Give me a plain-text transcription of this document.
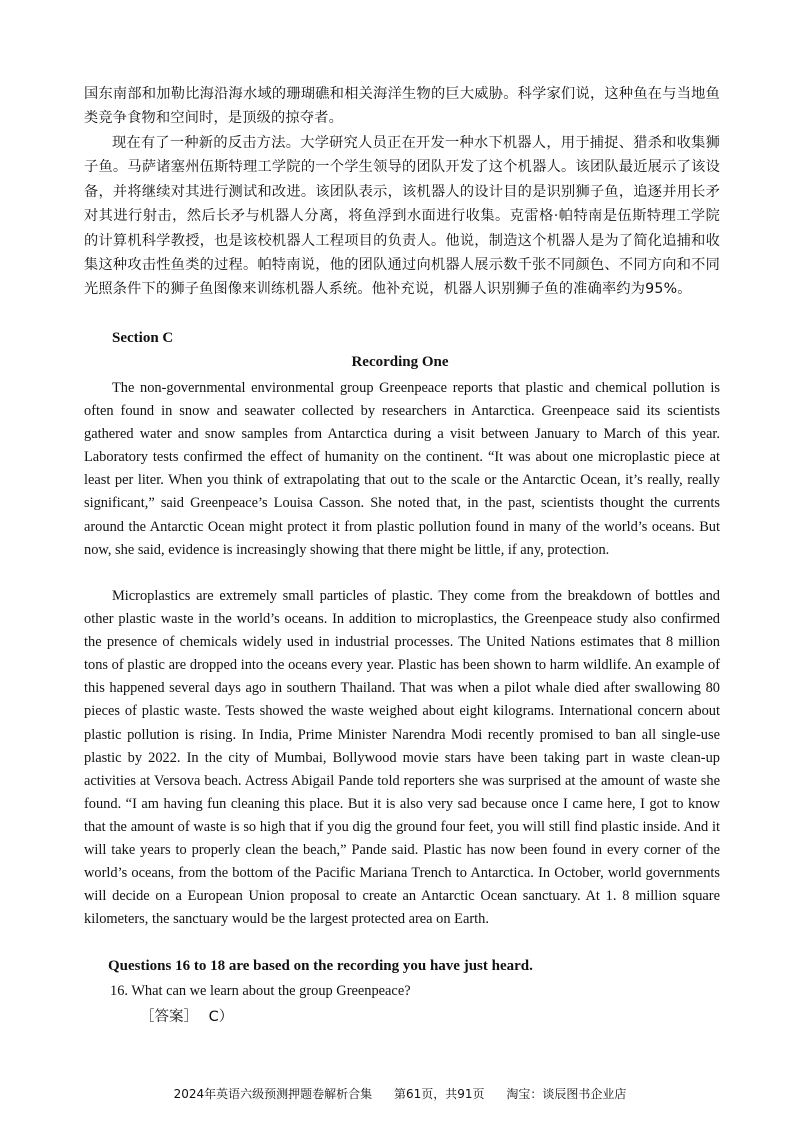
国东南部和加勒比海沿海水域的珊瑚礁和相关海洋生物的巨大威胁。科学家们说，这种鱼在与当地鱼类竞争食物和空间时，是顶级的掠夺者。

现在有了一种新的反击方法。大学研究人员正在开发一种水下机器人，用于捕捉、猎杀和收集狮子鱼。马萨诸塞州伍斯特理工学院的一个学生领导的团队开发了这个机器人。该团队最近展示了该设备，并将继续对其进行测试和改进。该团队表示，该机器人的设计目的是识别狮子鱼，追逐并用长矛对其进行射击，然后长矛与机器人分离，将鱼浮到水面进行收集。克雷格·帕特南是伍斯特理工学院的计算机科学教授，也是该校机器人工程项目的负责人。他说，制造这个机器人是为了简化追捕和收集这种攻击性鱼类的过程。帕特南说，他的团队通过向机器人展示数千张不同颜色、不同方向和不同光照条件下的狮子鱼图像来训练机器人系统。他补充说，机器人识别狮子鱼的准确率约为95%。

Section C
Recording One

The non-governmental environmental group Greenpeace reports that plastic and chemical pollution is often found in snow and seawater collected by researchers in Antarctica. Greenpeace said its scientists gathered water and snow samples from Antarctica during a visit between January to March of this year. Laboratory tests confirmed the effect of humanity on the continent. “It was about one microplastic piece at least per liter. When you think of extrapolating that out to the scale or the Antarctic Ocean, it’s really, really significant,” said Greenpeace’s Louisa Casson. She noted that, in the past, scientists thought the currents around the Antarctic Ocean might protect it from plastic pollution found in many of the world’s oceans. But now, she said, evidence is increasingly showing that there might be little, if any, protection.

Microplastics are extremely small particles of plastic. They come from the breakdown of bottles and other plastic waste in the world’s oceans. In addition to microplastics, the Greenpeace study also confirmed the presence of chemicals widely used in industrial processes. The United Nations estimates that 8 million tons of plastic are dropped into the oceans every year. Plastic has been shown to harm wildlife. An example of this happened several days ago in southern Thailand. That was when a pilot whale died after swallowing 80 pieces of plastic waste. Tests showed the waste weighed about eight kilograms. International concern about plastic pollution is rising. In India, Prime Minister Narendra Modi recently promised to ban all single-use plastic by 2022. In the city of Mumbai, Bollywood movie stars have been taking part in waste clean-up activities at Versova beach. Actress Abigail Pande told reporters she was surprised at the amount of waste she found. “I am having fun cleaning this place. But it is also very sad because once I came here, I got to know that the amount of waste is so high that if you dig the ground four feet, you will still find plastic inside. And it will take years to properly clean the beach,” Pande said. Plastic has now been found in every corner of the world’s oceans, from the bottom of the Pacific Mariana Trench to Antarctica. In October, world governments will decide on a European Union proposal to create an Antarctic Ocean sanctuary. At 1. 8 million square kilometers, the sanctuary would be the largest protected area on Earth.

Questions 16 to 18 are based on the recording you have just heard.
16. What can we learn about the group Greenpeace?
［答案］ C）
2024年英语六级预测押题卷解析合集 第61页，共91页 淘宝：谈辰图书企业店
